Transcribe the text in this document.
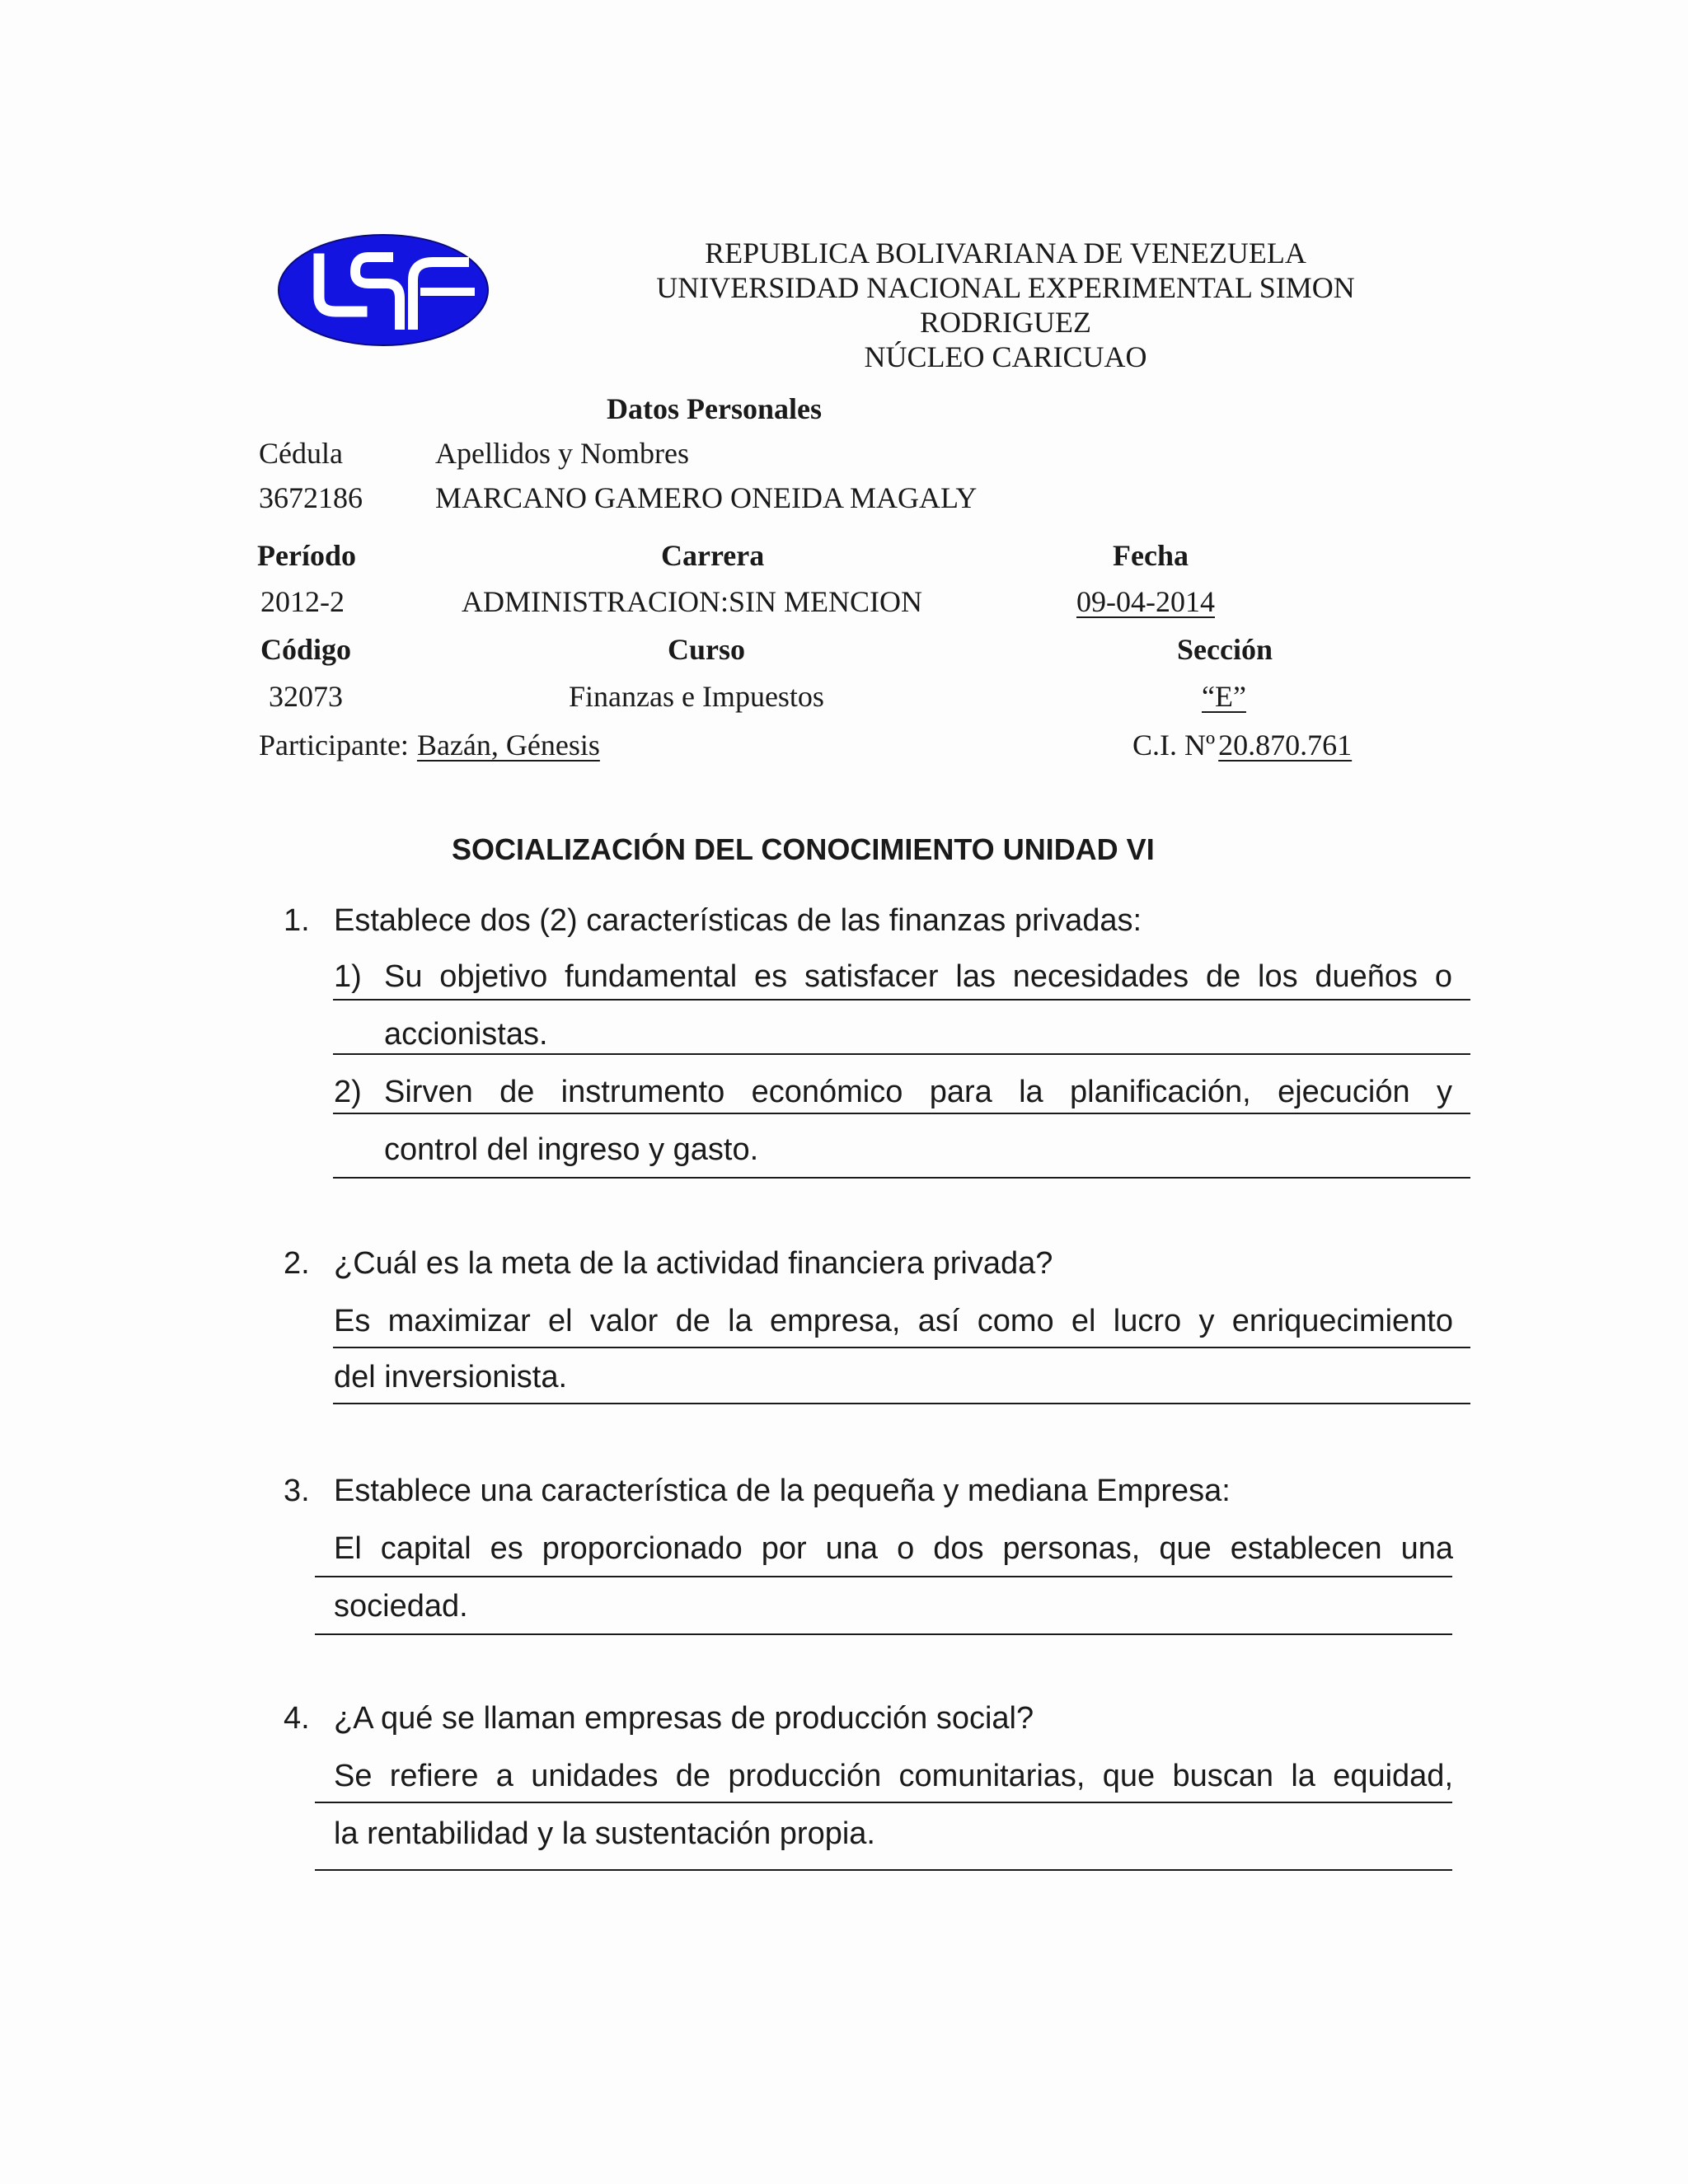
REPUBLICA BOLIVARIANA DE VENEZUELA
UNIVERSIDAD NACIONAL EXPERIMENTAL SIMON
RODRIGUEZ
NÚCLEO CARICUAO
Datos Personales
Cédula	Apellidos y Nombres
3672186 MARCANO GAMERO ONEIDA MAGALY
Período	Carrera	Fecha
2012-2	ADMINISTRACION:SIN MENCION	09-04-2014
Código	Curso	Sección
32073	Finanzas e Impuestos	“E”
Participante: Bazán, Génesis	C.I. Nº 20.870.761
SOCIALIZACIÓN DEL CONOCIMIENTO UNIDAD VI
1. Establece dos (2) características de las finanzas privadas:
1) Su objetivo fundamental es satisfacer las necesidades de los dueños o
accionistas.
2) Sirven de instrumento económico para la planificación, ejecución y
control del ingreso y gasto.
2. ¿Cuál es la meta de la actividad financiera privada?
Es maximizar el valor de la empresa, así como el lucro y enriquecimiento
del inversionista.
3. Establece una característica de la pequeña y mediana Empresa:
El capital es proporcionado por una o dos personas, que establecen una
sociedad.
4. ¿A qué se llaman empresas de producción social?
Se refiere a unidades de producción comunitarias, que buscan la equidad,
la rentabilidad y la sustentación propia.
